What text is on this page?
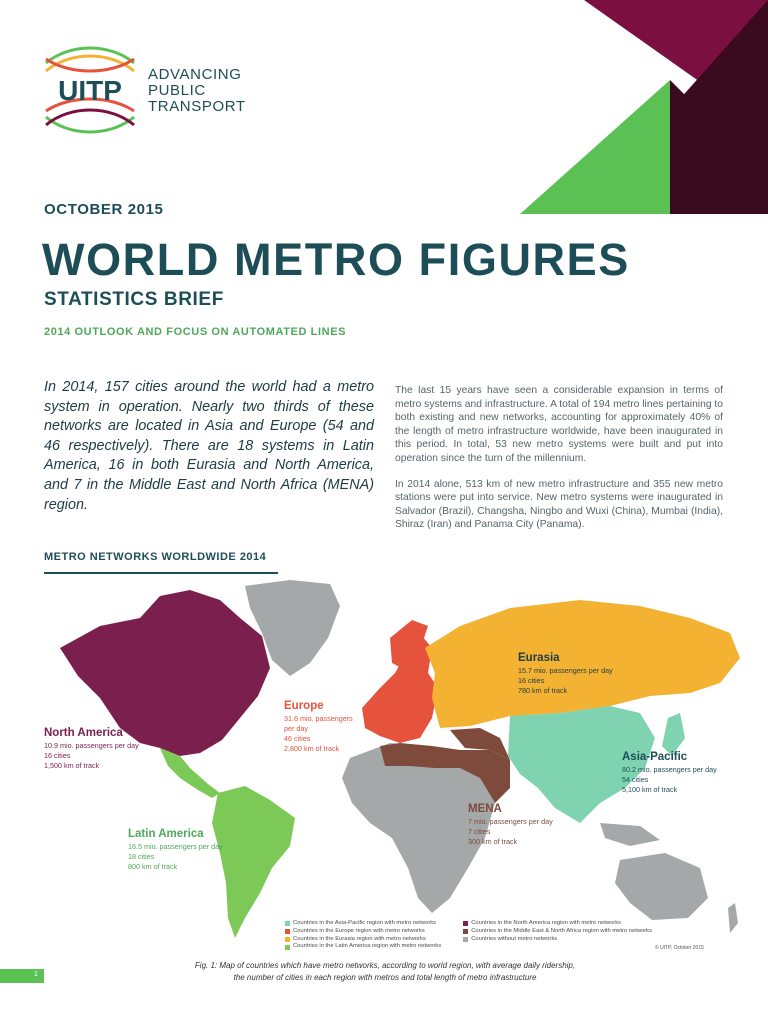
UITP
ADVANCING
PUBLIC
TRANSPORT
OCTOBER 2015
WORLD METRO FIGURES
STATISTICS BRIEF
2014 OUTLOOK AND FOCUS ON AUTOMATED LINES
In 2014, 157 cities around the world had a metro system in operation. Nearly two thirds of these networks are located in Asia and Europe (54 and 46 respectively). There are 18 systems in Latin America, 16 in both Eurasia and North America, and 7 in the Middle East and North Africa (MENA) region.

The last 15 years have seen a considerable expansion in terms of metro systems and infrastructure. A total of 194 metro lines pertaining to both existing and new networks, accounting for approximately 40% of the length of metro infrastructure worldwide, have been inaugurated in this period. In total, 53 new metro systems were built and put into operation since the turn of the millennium.

In 2014 alone, 513 km of new metro infrastructure and 355 new metro stations were put into service. New metro systems were inaugurated in Salvador (Brazil), Changsha, Ningbo and Wuxi (China), Mumbai (India), Shiraz (Iran) and Panama City (Panama).

METRO NETWORKS WORLDWIDE 2014
North America
10.9 mio. passengers per day
16 cities
1,500 km of track
Europe
31.6 mio. passengers
per day
46 cities
2,800 km of track
Eurasia
15.7 mio. passengers per day
16 cities
780 km of track
Asia-Pacific
80.2 mio. passengers per day
54 cities
5,100 km of track
MENA
7 mio. passengers per day
7 cities
300 km of track
Latin America
16.5 mio. passengers per day
18 cities
800 km of track
Countries in the Asia-Pacific region with metro networks
Countries in the Europe region with metro networks
Countries in the Eurasia region with metro networks
Countries in the Latin America region with metro networks
Countries in the North America region with metro networks
Countries in the Middle East & North Africa region with metro networks
Countries without metro networks
© UITP, October 2015
Fig. 1: Map of countries which have metro networks, according to world region, with average daily ridership,
the number of cities in each region with metros and total length of metro infrastructure
1
